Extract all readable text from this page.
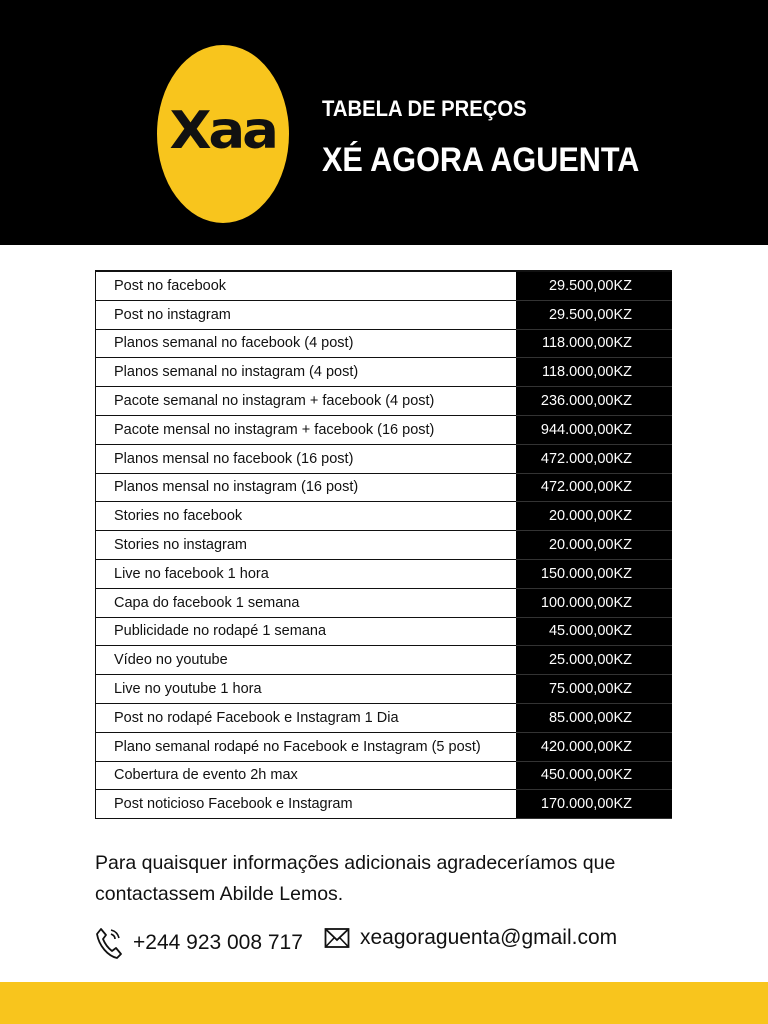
Xaa TABELA DE PREÇOS
XÉ AGORA AGUENTA
Post no facebook	29.500,00KZ
Post no instagram	29.500,00KZ
Planos semanal no facebook (4 post)	118.000,00KZ
Planos semanal no instagram (4 post)	118.000,00KZ
Pacote semanal no instagram + facebook (4 post)	236.000,00KZ
Pacote mensal no instagram + facebook (16 post)	944.000,00KZ
Planos mensal no facebook (16 post)	472.000,00KZ
Planos mensal no instagram (16 post)	472.000,00KZ
Stories no facebook	20.000,00KZ
Stories no instagram	20.000,00KZ
Live no facebook 1 hora	150.000,00KZ
Capa do facebook 1 semana	100.000,00KZ
Publicidade no rodapé 1 semana	45.000,00KZ
Vídeo no youtube	25.000,00KZ
Live no youtube 1 hora	75.000,00KZ
Post no rodapé Facebook e Instagram 1 Dia	85.000,00KZ
Plano semanal rodapé no Facebook e Instagram (5 post)	420.000,00KZ
Cobertura de evento 2h max	450.000,00KZ
Post noticioso Facebook e Instagram	170.000,00KZ
Para quaisquer informações adicionais agradeceríamos que contactassem Abilde Lemos.
+244 923 008 717	xeagoraguenta@gmail.com
